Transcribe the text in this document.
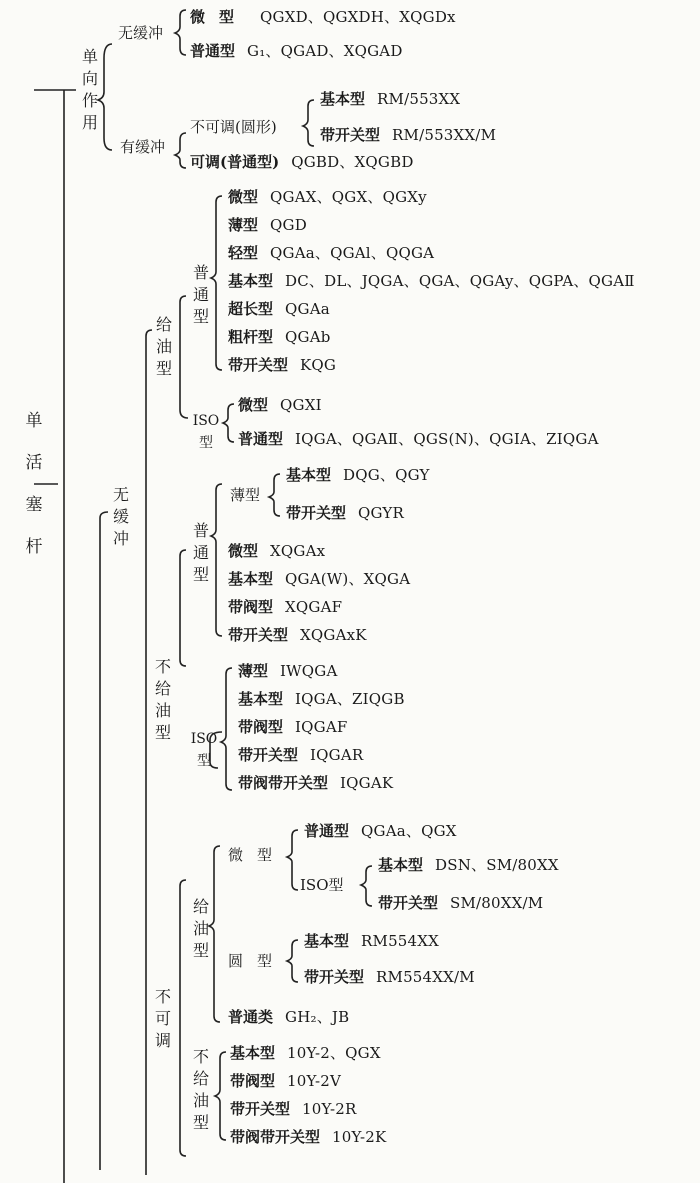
单活塞杆
单向作用
无缓冲
微型 QGXD、QGXDH、XQGDx
普通型 G₁、QGAD、XQGAD
有缓冲
不可调(圆形)
基本型 RM/553XX
带开关型 RM/553XX/M
可调(普通型) QGBD、XQGBD
无缓冲
给油型
普通型
微型 QGAX、QGX、QGXy
薄型 QGD
轻型 QGAa、QGAl、QQGA
基本型 DC、DL、JQGA、QGA、QGAy、QGPA、QGAⅡ
超长型 QGAa
粗杆型 QGAb
带开关型 KQG
ISO型
微型 QGXI
普通型 IQGA、QGAⅡ、QGS(N)、QGIA、ZIQGA
不给油型
普通型
薄型
基本型 DQG、QGY
带开关型 QGYR
微型 XQGAx
基本型 QGA(W)、XQGA
带阀型 XQGAF
带开关型 XQGAxK
ISO型
薄型 IWQGA
基本型 IQGA、ZIQGB
带阀型 IQGAF
带开关型 IQGAR
带阀带开关型 IQGAK
不可调
给油型
微型
普通型 QGAa、QGX
ISO型
基本型 DSN、SM/80XX
带开关型 SM/80XX/M
圆型
基本型 RM554XX
带开关型 RM554XX/M
普通类 GH₂、JB
不给油型
基本型 10Y-2、QGX
带阀型 10Y-2V
带开关型 10Y-2R
带阀带开关型 10Y-2K
